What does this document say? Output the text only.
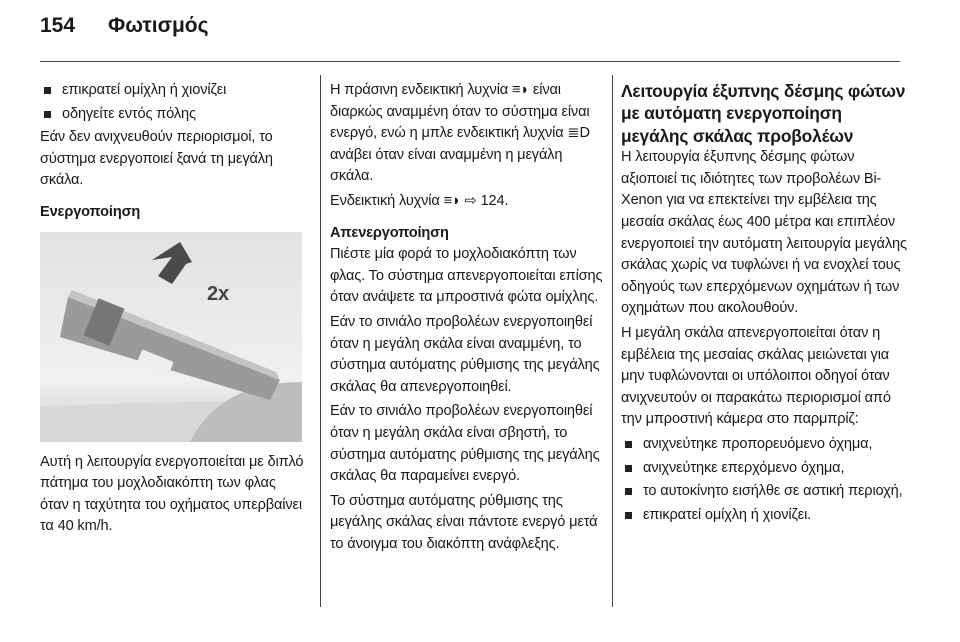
154 Φωτισμός
επικρατεί ομίχλη ή χιονίζει
οδηγείτε εντός πόλης

Εάν δεν ανιχνευθούν περιορισμοί, το σύστημα ενεργοποιεί ξανά τη μεγάλη σκάλα.

Ενεργοποίηση

2x

Αυτή η λειτουργία ενεργοποιείται με διπλό πάτημα του μοχλοδιακόπτη των φλας όταν η ταχύτητα του οχήματος υπερβαίνει τα 40 km/h.

Η πράσινη ενδεικτική λυχνία ≡◗ είναι διαρκώς αναμμένη όταν το σύστημα είναι ενεργό, ενώ η μπλε ενδεικτική λυχνία ≣D ανάβει όταν είναι αναμμένη η μεγάλη σκάλα.

Ενδεικτική λυχνία ≡◗ ⇨ 124.

Απενεργοποίηση

Πιέστε μία φορά το μοχλοδιακόπτη των φλας. Το σύστημα απενεργοποιείται επίσης όταν ανάψετε τα μπροστινά φώτα ομίχλης.

Εάν το σινιάλο προβολέων ενεργοποιηθεί όταν η μεγάλη σκάλα είναι αναμμένη, το σύστημα αυτόματης ρύθμισης της μεγάλης σκάλας θα απενεργοποιηθεί.

Εάν το σινιάλο προβολέων ενεργοποιηθεί όταν η μεγάλη σκάλα είναι σβηστή, το σύστημα αυτόματης ρύθμισης της μεγάλης σκάλας θα παραμείνει ενεργό.

Το σύστημα αυτόματης ρύθμισης της μεγάλης σκάλας είναι πάντοτε ενεργό μετά το άνοιγμα του διακόπτη ανάφλεξης.

Λειτουργία έξυπνης δέσμης φώτων με αυτόματη ενεργοποίηση μεγάλης σκάλας προβολέων

Η λειτουργία έξυπνης δέσμης φώτων αξιοποιεί τις ιδιότητες των προβολέων Bi-Xenon για να επεκτείνει την εμβέλεια της μεσαία σκάλας έως 400 μέτρα και επιπλέον ενεργοποιεί την αυτόματη λειτουργία μεγάλης σκάλας χωρίς να τυφλώνει ή να ενοχλεί τους οδηγούς των επερχόμενων οχημάτων ή των οχημάτων που ακολουθούν.

Η μεγάλη σκάλα απενεργοποιείται όταν η εμβέλεια της μεσαίας σκάλας μειώνεται για μην τυφλώνονται οι υπόλοιποι οδηγοί όταν ανιχνευτούν οι παρακάτω περιορισμοί από την μπροστινή κάμερα στο παρμπρίζ:

ανιχνεύτηκε προπορευόμενο όχημα,
ανιχνεύτηκε επερχόμενο όχημα,
το αυτοκίνητο εισήλθε σε αστική περιοχή,
επικρατεί ομίχλη ή χιονίζει.
